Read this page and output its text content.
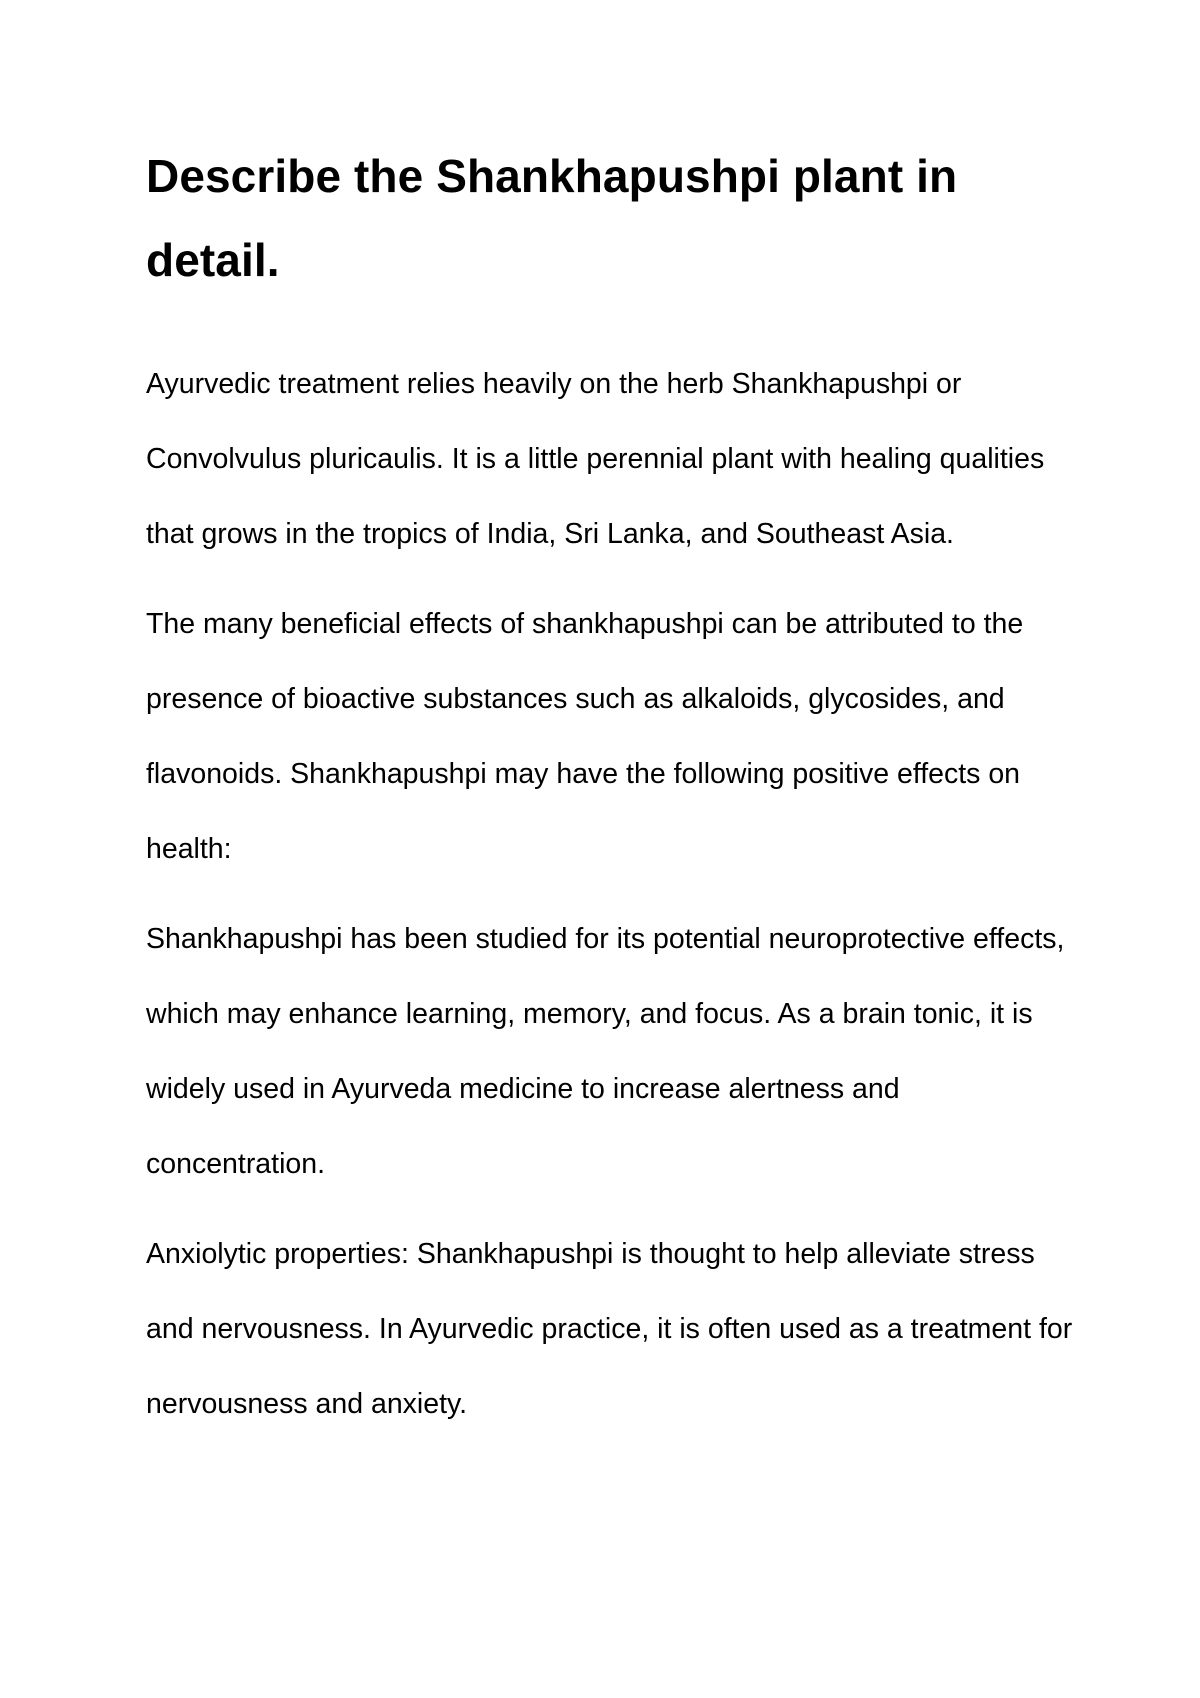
Describe the Shankhapushpi plant in detail.

Ayurvedic treatment relies heavily on the herb Shankhapushpi or Convolvulus pluricaulis. It is a little perennial plant with healing qualities that grows in the tropics of India, Sri Lanka, and Southeast Asia.

The many beneficial effects of shankhapushpi can be attributed to the presence of bioactive substances such as alkaloids, glycosides, and flavonoids. Shankhapushpi may have the following positive effects on health:

Shankhapushpi has been studied for its potential neuroprotective effects, which may enhance learning, memory, and focus. As a brain tonic, it is widely used in Ayurveda medicine to increase alertness and concentration.

Anxiolytic properties: Shankhapushpi is thought to help alleviate stress and nervousness. In Ayurvedic practice, it is often used as a treatment for nervousness and anxiety.
